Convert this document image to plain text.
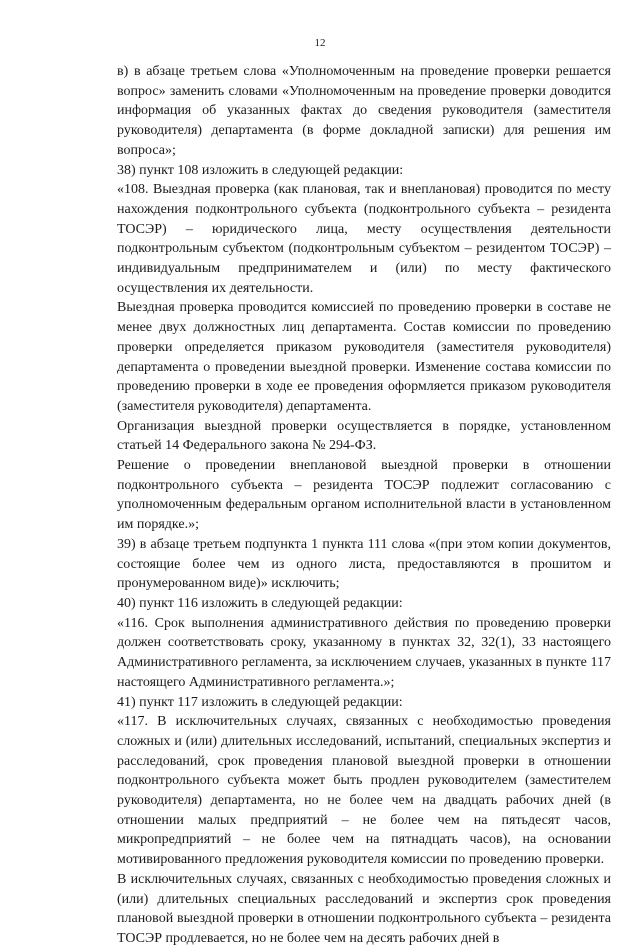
12

в) в абзаце третьем слова «Уполномоченным на проведение проверки решается вопрос» заменить словами «Уполномоченным на проведение проверки доводится информация об указанных фактах до сведения руководителя (заместителя руководителя) департамента (в форме докладной записки) для решения им вопроса»;

38) пункт 108 изложить в следующей редакции:

«108. Выездная проверка (как плановая, так и внеплановая) проводится по месту нахождения подконтрольного субъекта (подконтрольного субъекта – резидента ТОСЭР) – юридического лица, месту осуществления деятельности подконтрольным субъектом (подконтрольным субъектом – резидентом ТОСЭР) – индивидуальным предпринимателем и (или) по месту фактического осуществления их деятельности.

Выездная проверка проводится комиссией по проведению проверки в составе не менее двух должностных лиц департамента. Состав комиссии по проведению проверки определяется приказом руководителя (заместителя руководителя) департамента о проведении выездной проверки. Изменение состава комиссии по проведению проверки в ходе ее проведения оформляется приказом руководителя (заместителя руководителя) департамента.

Организация выездной проверки осуществляется в порядке, установленном статьей 14 Федерального закона № 294-ФЗ.

Решение о проведении внеплановой выездной проверки в отношении подконтрольного субъекта – резидента ТОСЭР подлежит согласованию с уполномоченным федеральным органом исполнительной власти в установленном им порядке.»;

39) в абзаце третьем подпункта 1 пункта 111 слова «(при этом копии документов, состоящие более чем из одного листа, предоставляются в прошитом и пронумерованном виде)» исключить;

40) пункт 116 изложить в следующей редакции:

«116. Срок выполнения административного действия по проведению проверки должен соответствовать сроку, указанному в пунктах 32, 32(1), 33 настоящего Административного регламента, за исключением случаев, указанных в пункте 117 настоящего Административного регламента.»;

41) пункт 117 изложить в следующей редакции:

«117. В исключительных случаях, связанных с необходимостью проведения сложных и (или) длительных исследований, испытаний, специальных экспертиз и расследований, срок проведения плановой выездной проверки в отношении подконтрольного субъекта может быть продлен руководителем (заместителем руководителя) департамента, но не более чем на двадцать рабочих дней (в отношении малых предприятий – не более чем на пятьдесят часов, микропредприятий – не более чем на пятнадцать часов), на основании мотивированного предложения руководителя комиссии по проведению проверки.

В исключительных случаях, связанных с необходимостью проведения сложных и (или) длительных специальных расследований и экспертиз срок проведения плановой выездной проверки в отношении подконтрольного субъекта – резидента ТОСЭР продлевается, но не более чем на десять рабочих дней в
